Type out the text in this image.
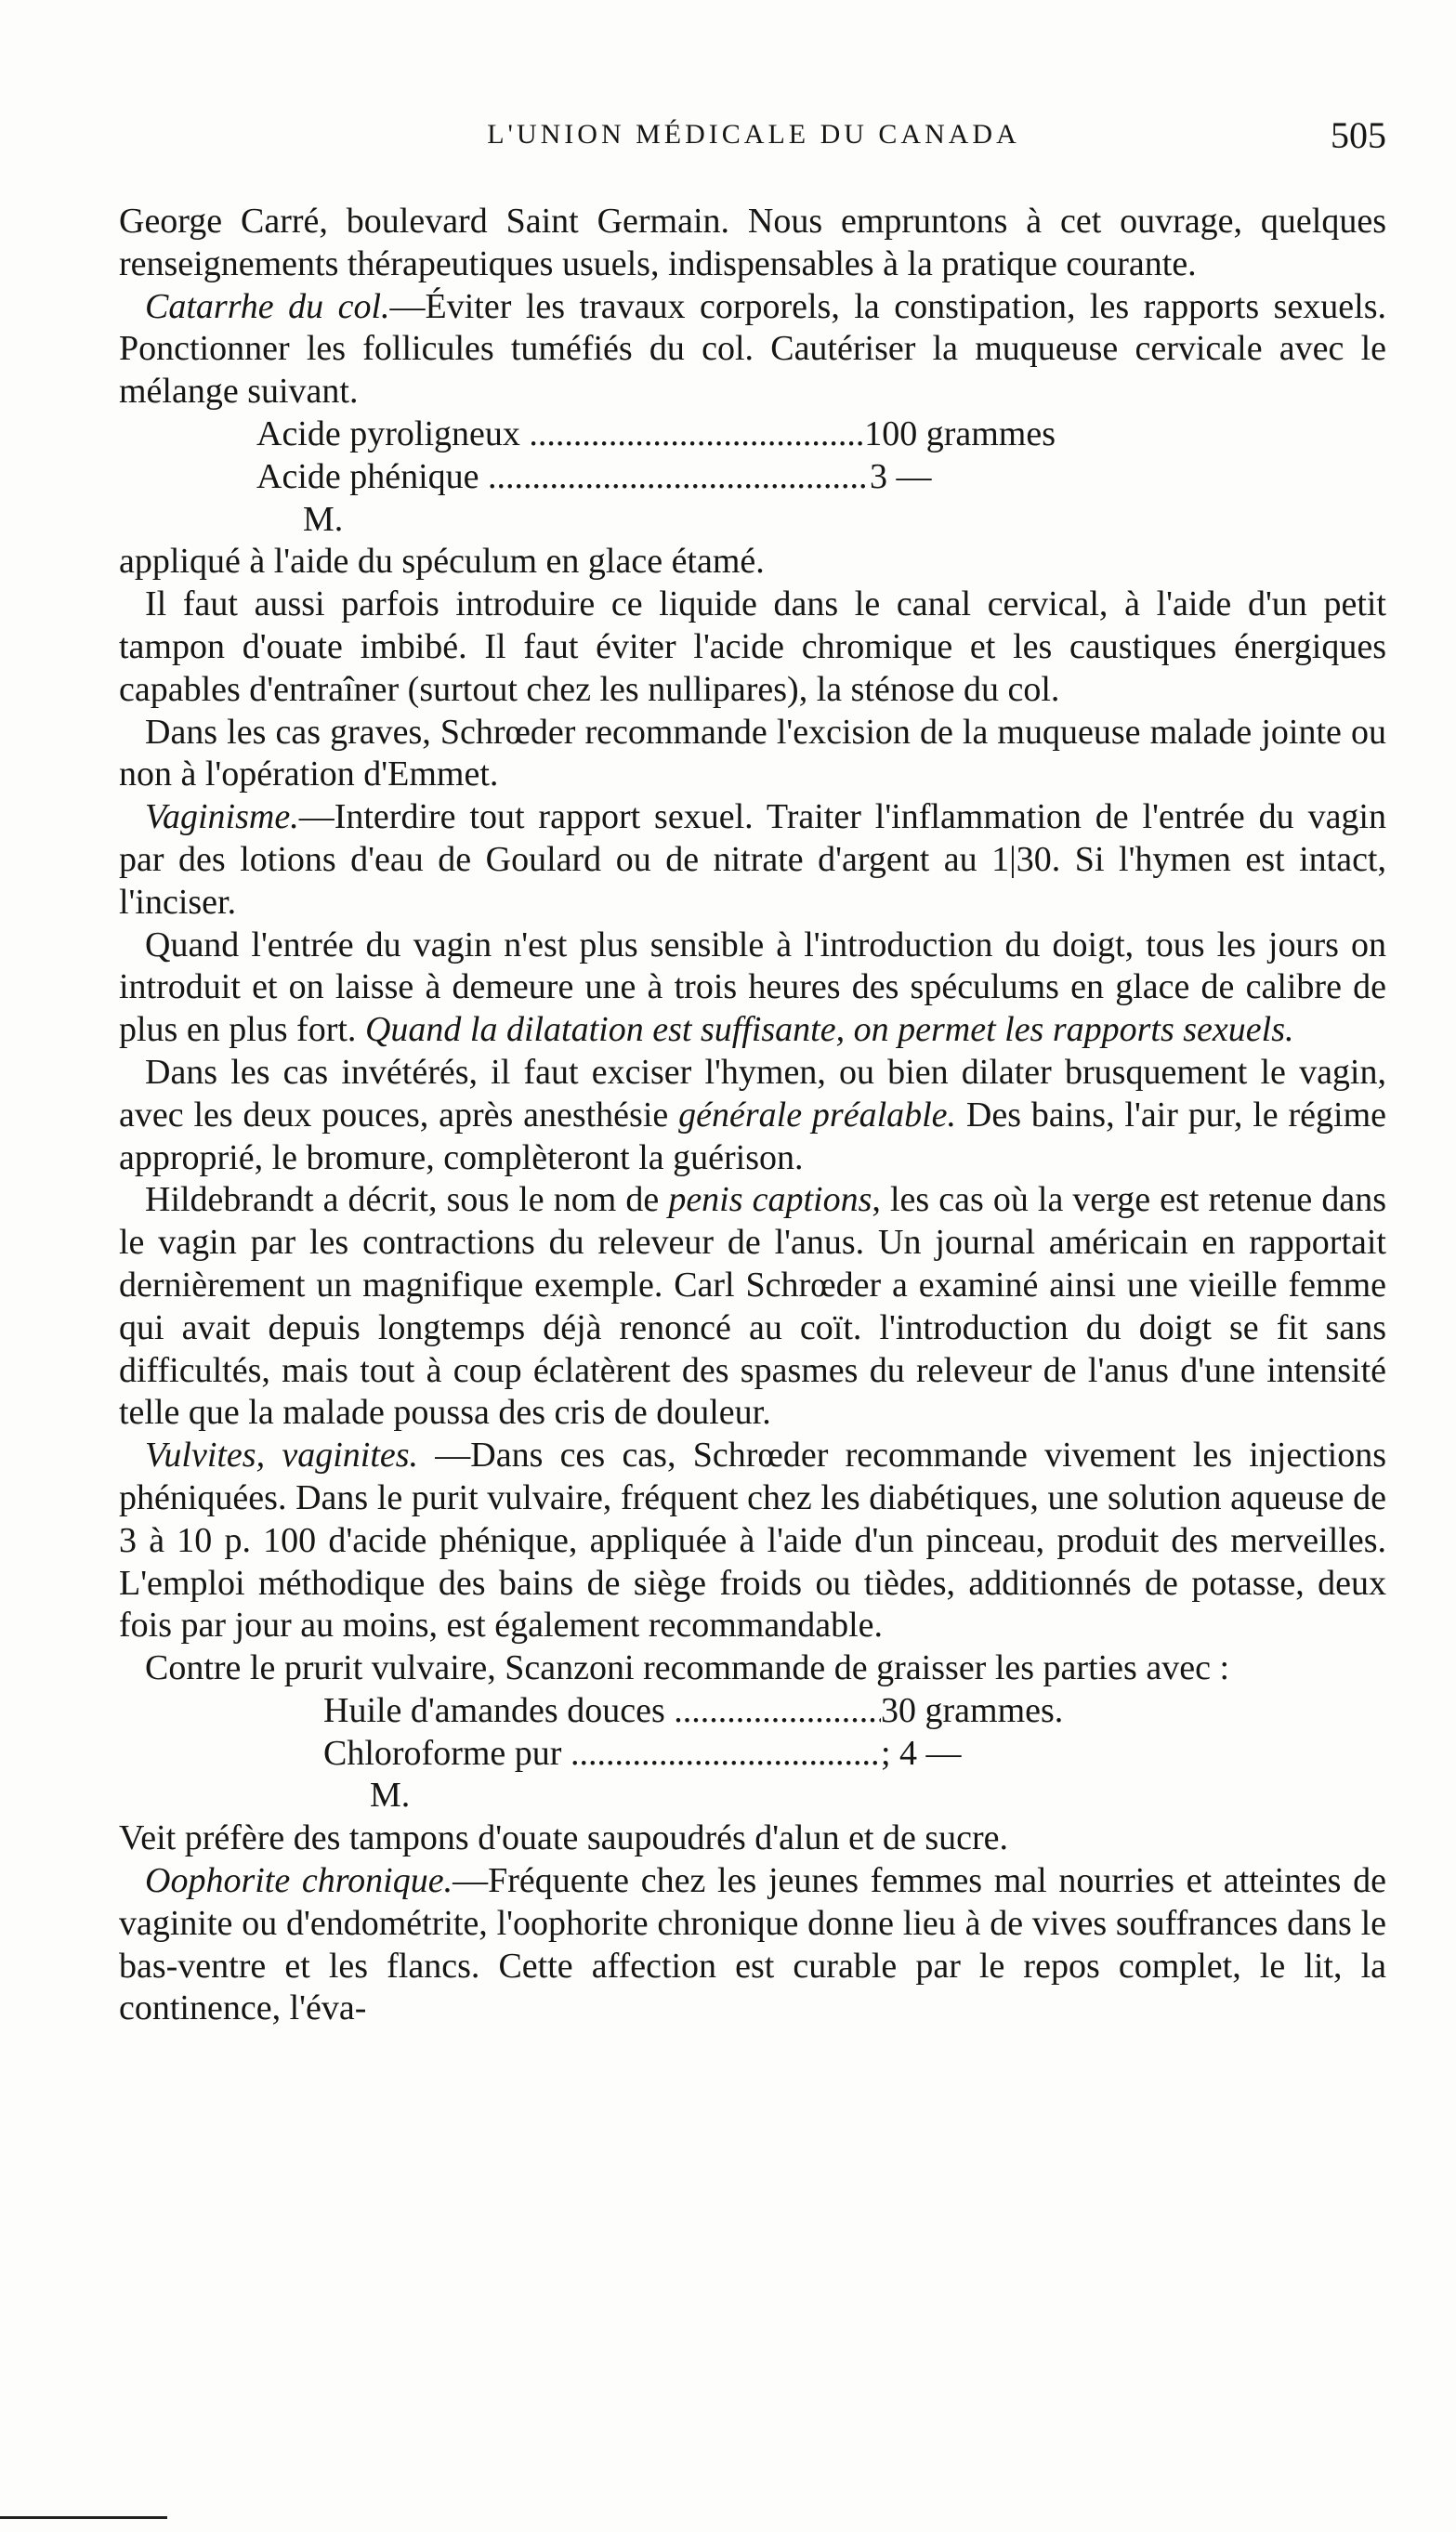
L'UNION MÉDICALE DU CANADA	505

George Carré, boulevard Saint Germain. Nous empruntons à cet ouvrage, quelques renseignements thérapeutiques usuels, indispensables à la pratique courante.

Catarrhe du col.—Éviter les travaux corporels, la constipation, les rapports sexuels. Ponctionner les follicules tuméfiés du col. Cautériser la muqueuse cervicale avec le mélange suivant.

Acide pyroligneux .....	100 grammes
Acide phénique .....	3 —
M.

appliqué à l'aide du spéculum en glace étamé.

Il faut aussi parfois introduire ce liquide dans le canal cervical, à l'aide d'un petit tampon d'ouate imbibé. Il faut éviter l'acide chromique et les caustiques énergiques capables d'entraîner (surtout chez les nullipares), la sténose du col.

Dans les cas graves, Schrœder recommande l'excision de la muqueuse malade jointe ou non à l'opération d'Emmet.

Vaginisme.—Interdire tout rapport sexuel. Traiter l'inflammation de l'entrée du vagin par des lotions d'eau de Goulard ou de nitrate d'argent au 1|30. Si l'hymen est intact, l'inciser.

Quand l'entrée du vagin n'est plus sensible à l'introduction du doigt, tous les jours on introduit et on laisse à demeure une à trois heures des spéculums en glace de calibre de plus en plus fort. Quand la dilatation est suffisante, on permet les rapports sexuels.

Dans les cas invétérés, il faut exciser l'hymen, ou bien dilater brusquement le vagin, avec les deux pouces, après anesthésie générale préalable. Des bains, l'air pur, le régime approprié, le bromure, complèteront la guérison.

Hildebrandt a décrit, sous le nom de penis captions, les cas où la verge est retenue dans le vagin par les contractions du releveur de l'anus. Un journal américain en rapportait dernièrement un magnifique exemple. Carl Schrœder a examiné ainsi une vieille femme qui avait depuis longtemps déjà renoncé au coït. l'introduction du doigt se fit sans difficultés, mais tout à coup éclatèrent des spasmes du releveur de l'anus d'une intensité telle que la malade poussa des cris de douleur.

Vulvites, vaginites. —Dans ces cas, Schrœder recommande vivement les injections phéniquées. Dans le purit vulvaire, fréquent chez les diabétiques, une solution aqueuse de 3 à 10 p. 100 d'acide phénique, appliquée à l'aide d'un pinceau, produit des merveilles. L'emploi méthodique des bains de siège froids ou tièdes, additionnés de potasse, deux fois par jour au moins, est également recommandable.

Contre le prurit vulvaire, Scanzoni recommande de graisser les parties avec :

Huile d'amandes douces .....	30 grammes.
Chloroforme pur .....	; 4 —
M.

Veit préfère des tampons d'ouate saupoudrés d'alun et de sucre.

Oophorite chronique.—Fréquente chez les jeunes femmes mal nourries et atteintes de vaginite ou d'endométrite, l'oophorite chronique donne lieu à de vives souffrances dans le bas-ventre et les flancs. Cette affection est curable par le repos complet, le lit, la continence, l'éva-
